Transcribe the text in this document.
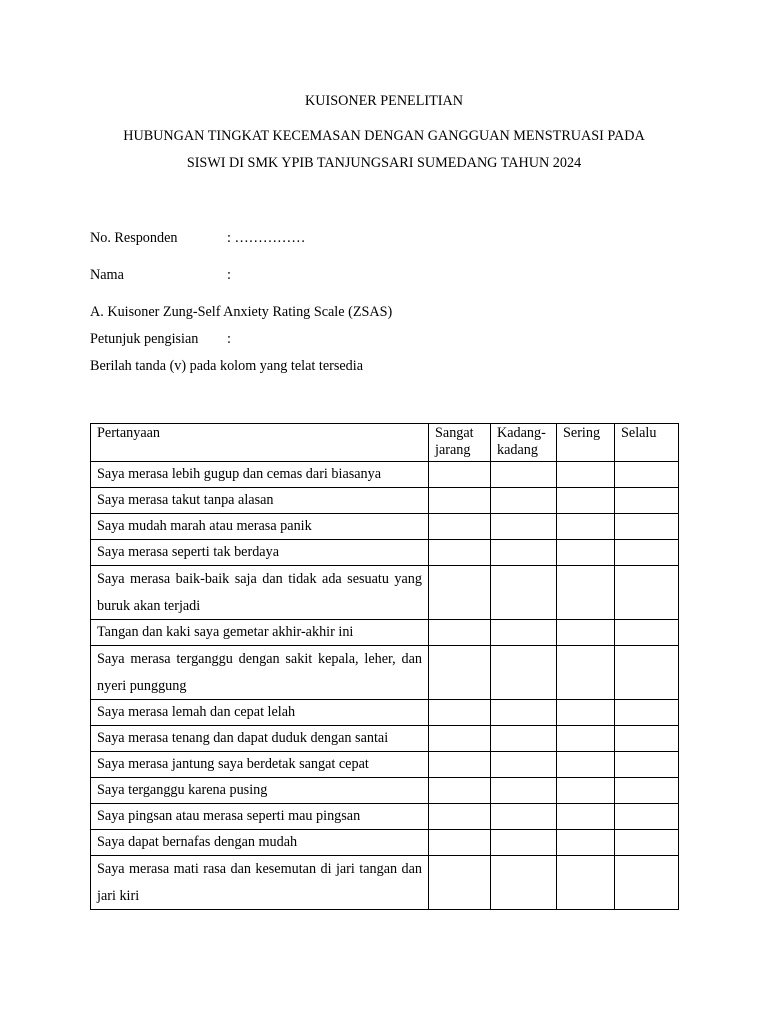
KUISONER PENELITIAN
HUBUNGAN TINGKAT KECEMASAN DENGAN GANGGUAN MENSTRUASI PADA
SISWI DI SMK YPIB TANJUNGSARI SUMEDANG TAHUN 2024
No. Responden	: ……………
Nama	:
A. Kuisoner Zung-Self Anxiety Rating Scale (ZSAS)
Petunjuk pengisian :
Berilah tanda (v) pada kolom yang telat tersedia
Pertanyaan	Sangat jarang	Kadang-kadang	Sering	Selalu
Saya merasa lebih gugup dan cemas dari biasanya				
Saya merasa takut tanpa alasan				
Saya mudah marah atau merasa panik				
Saya merasa seperti tak berdaya				
Saya merasa baik-baik saja dan tidak ada sesuatu yang buruk akan terjadi				
Tangan dan kaki saya gemetar akhir-akhir ini				
Saya merasa terganggu dengan sakit kepala, leher, dan nyeri punggung				
Saya merasa lemah dan cepat lelah				
Saya merasa tenang dan dapat duduk dengan santai				
Saya merasa jantung saya berdetak sangat cepat				
Saya terganggu karena pusing				
Saya pingsan atau merasa seperti mau pingsan				
Saya dapat bernafas dengan mudah				
Saya merasa mati rasa dan kesemutan di jari tangan dan jari kiri				
